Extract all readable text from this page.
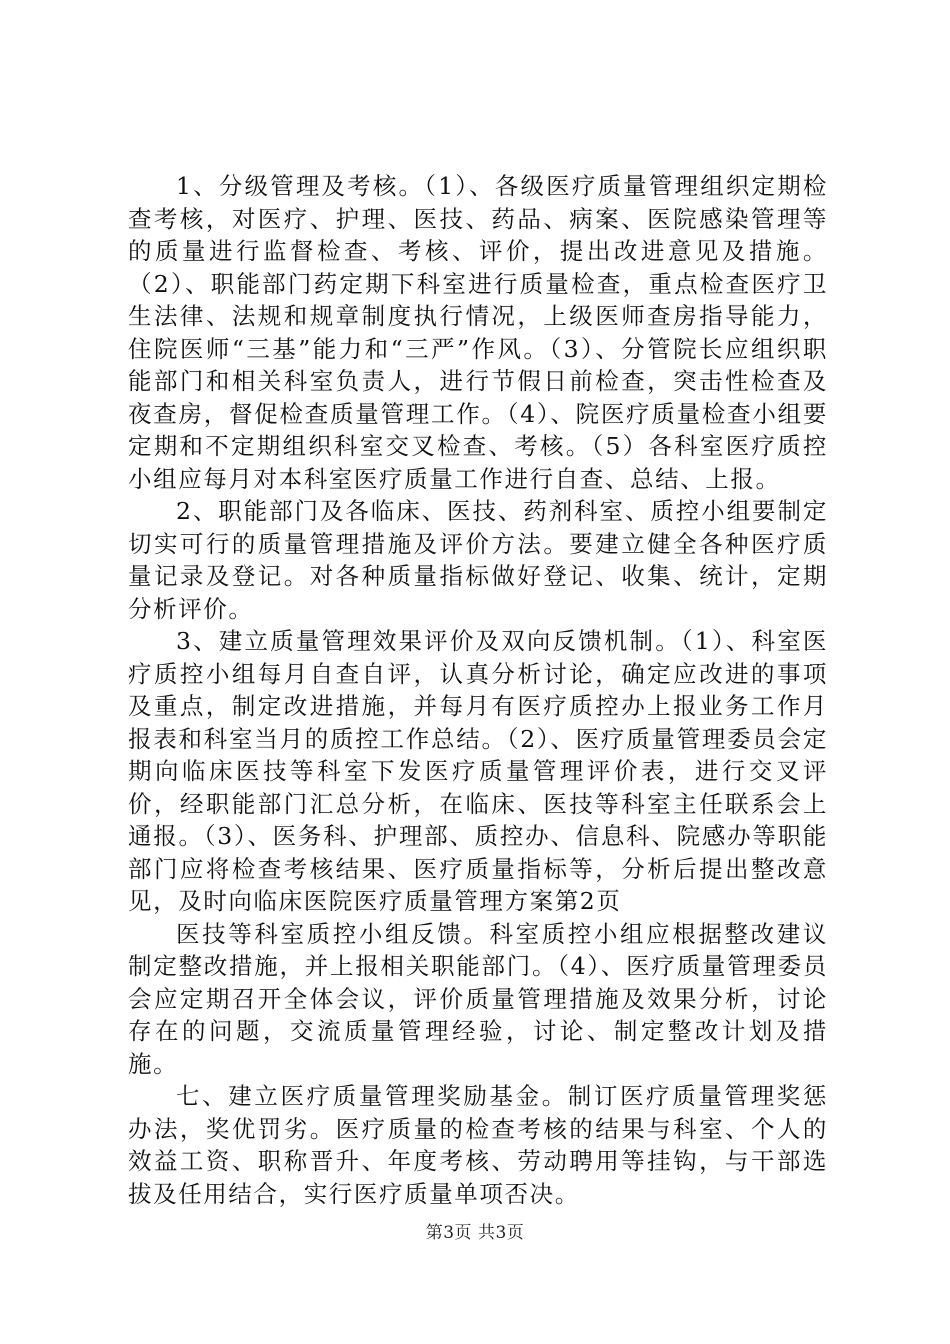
1、分级管理及考核。（1）、各级医疗质量管理组织定期检查考核，对医疗、护理、医技、药品、病案、医院感染管理等的质量进行监督检查、考核、评价，提出改进意见及措施。（2）、职能部门药定期下科室进行质量检查，重点检查医疗卫生法律、法规和规章制度执行情况，上级医师查房指导能力，住院医师“三基”能力和“三严”作风。（3）、分管院长应组织职能部门和相关科室负责人，进行节假日前检查，突击性检查及夜查房，督促检查质量管理工作。（4）、院医疗质量检查小组要定期和不定期组织科室交叉检查、考核。（5）各科室医疗质控小组应每月对本科室医疗质量工作进行自查、总结、上报。

2、职能部门及各临床、医技、药剂科室、质控小组要制定切实可行的质量管理措施及评价方法。要建立健全各种医疗质量记录及登记。对各种质量指标做好登记、收集、统计，定期分析评价。

3、建立质量管理效果评价及双向反馈机制。（1）、科室医疗质控小组每月自查自评，认真分析讨论，确定应改进的事项及重点，制定改进措施，并每月有医疗质控办上报业务工作月报表和科室当月的质控工作总结。（2）、医疗质量管理委员会定期向临床医技等科室下发医疗质量管理评价表，进行交叉评价，经职能部门汇总分析，在临床、医技等科室主任联系会上通报。（3）、医务科、护理部、质控办、信息科、院感办等职能部门应将检查考核结果、医疗质量指标等，分析后提出整改意见，及时向临床医院医疗质量管理方案第2页

医技等科室质控小组反馈。科室质控小组应根据整改建议制定整改措施，并上报相关职能部门。（4）、医疗质量管理委员会应定期召开全体会议，评价质量管理措施及效果分析，讨论存在的问题，交流质量管理经验，讨论、制定整改计划及措施。

七、建立医疗质量管理奖励基金。制订医疗质量管理奖惩办法，奖优罚劣。医疗质量的检查考核的结果与科室、个人的效益工资、职称晋升、年度考核、劳动聘用等挂钩，与干部选拔及任用结合，实行医疗质量单项否决。

第3页 共3页
